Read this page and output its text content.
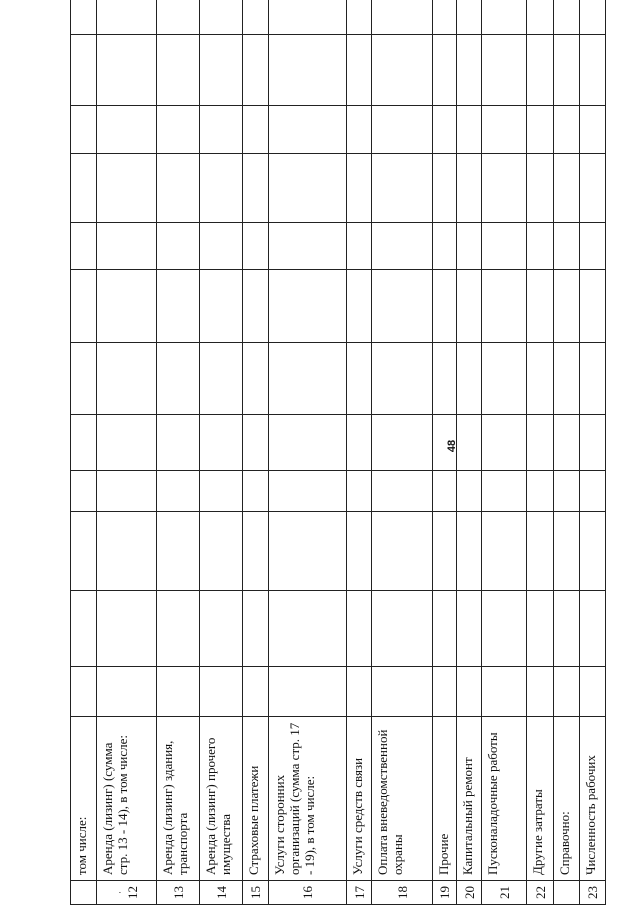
48
	том числе:													

· 12	Аренда (лизинг) (сумма стр. 13 - 14), в том числе:													
13	Аренда (лизинг) здания, транспорта													
14	Аренда (лизинг) прочего имущества													
15	Страховые платежи													
16	Услуги сторонних организаций (сумма стр. 17 - 19), в том числе:													
17	Услуги средств связи													
18	Оплата вневедомственной охраны													
19	Прочие													
20	Капитальный ремонт													
21	Пусконаладочные работы													
22	Другие затраты													
	Справочно:													
23	Численность рабочих													
